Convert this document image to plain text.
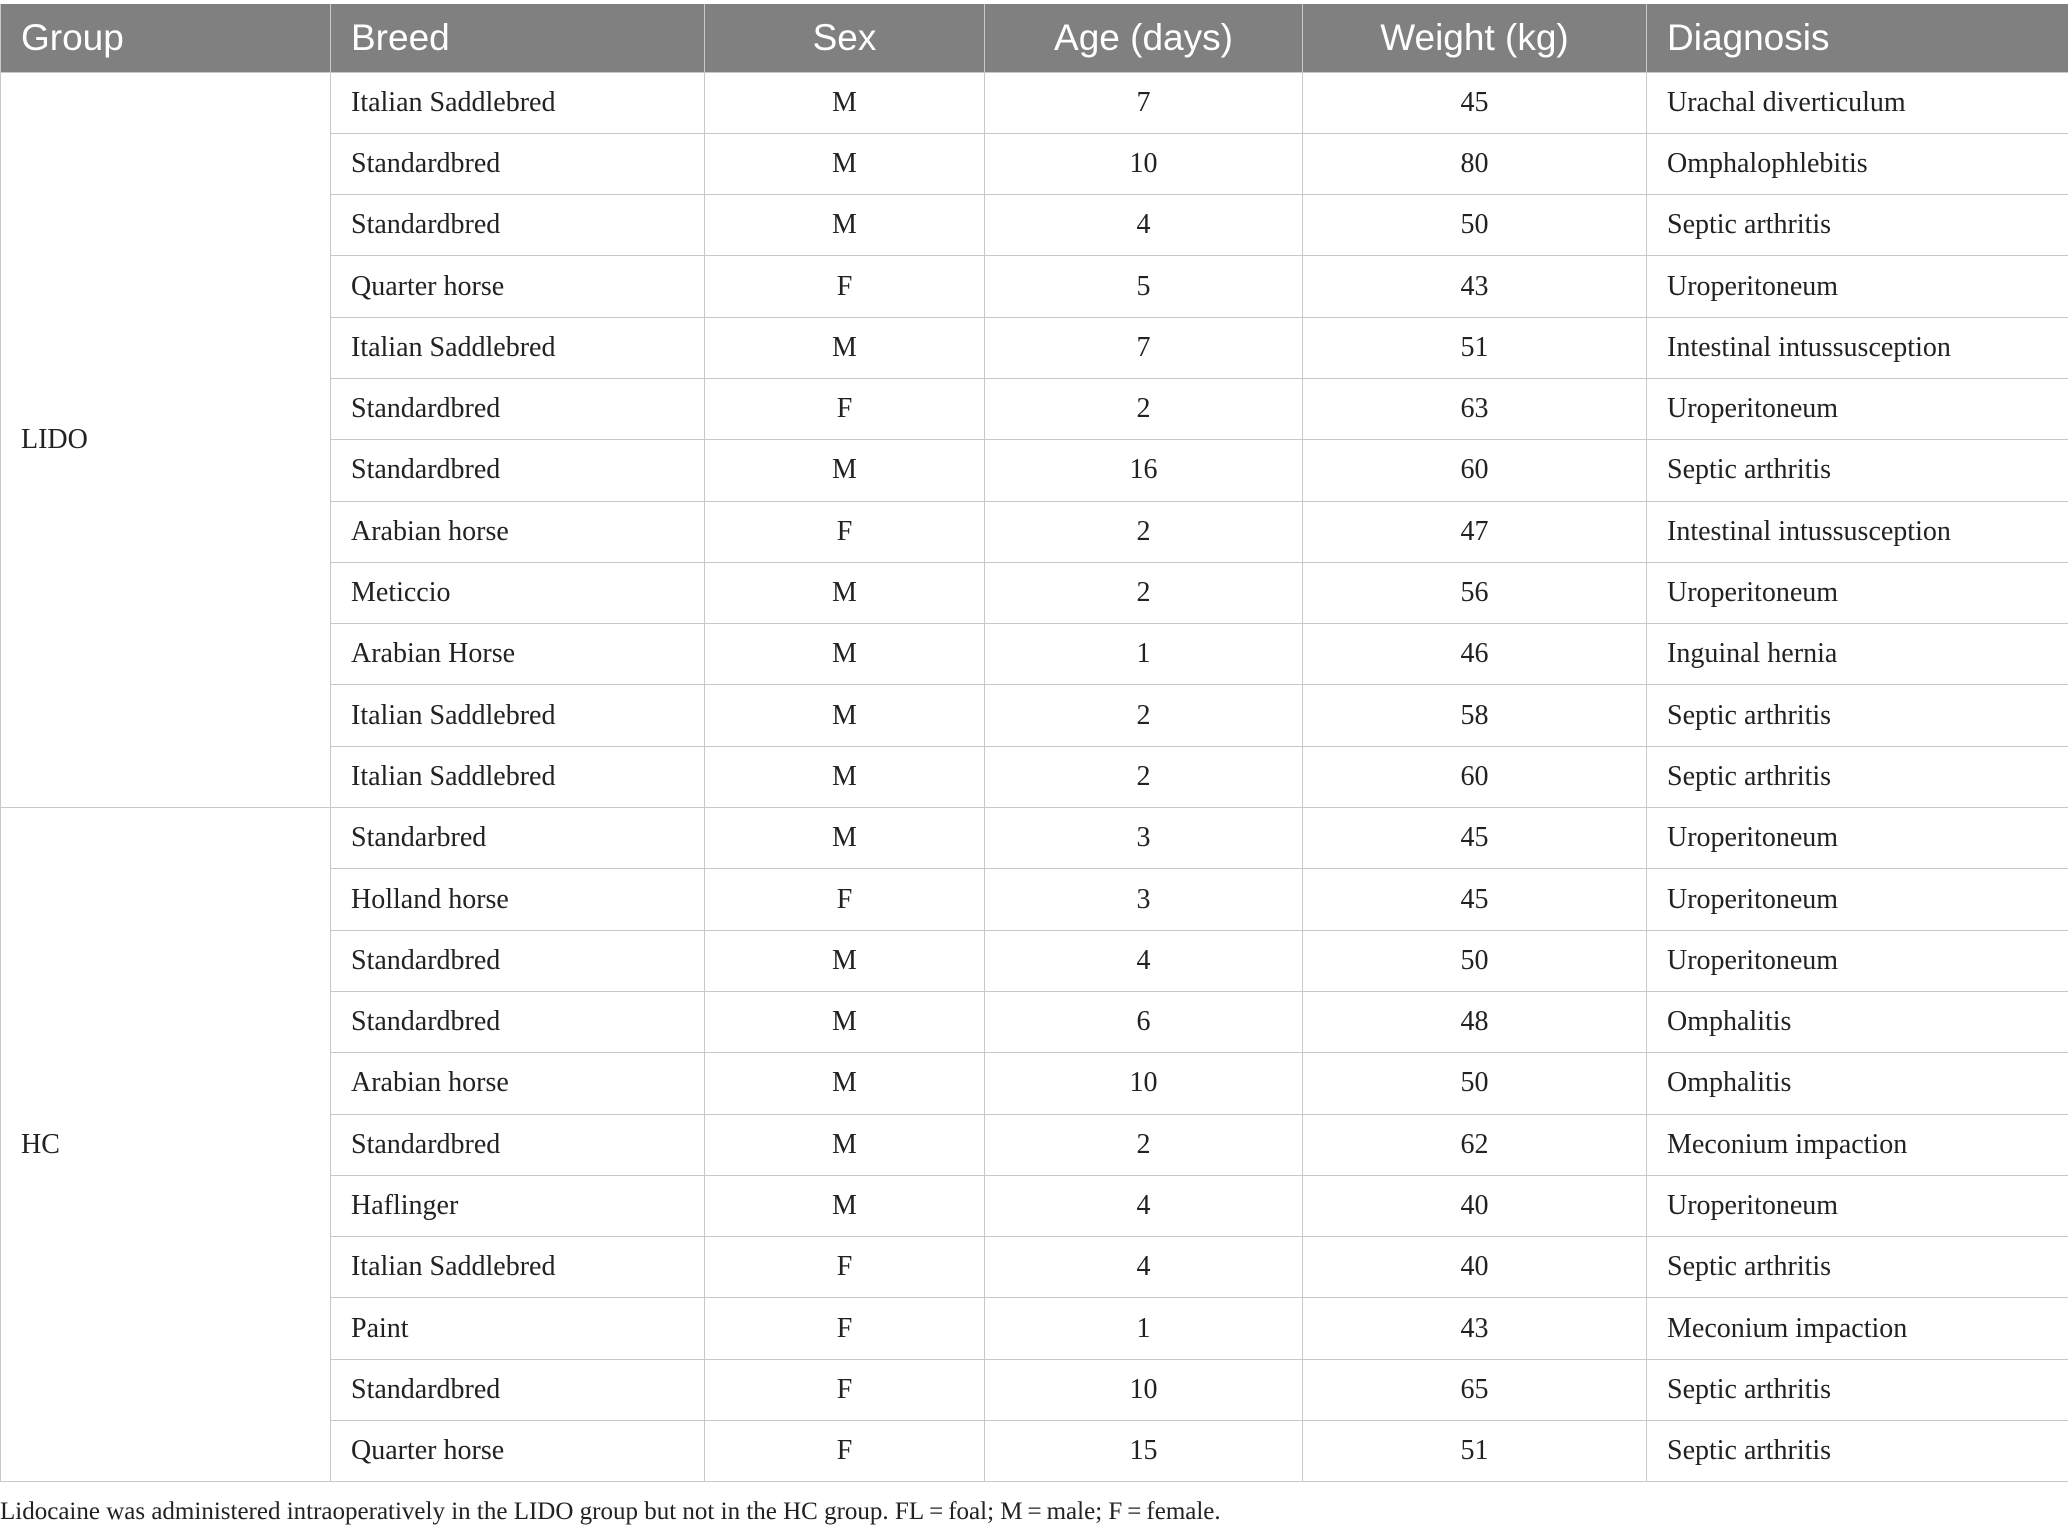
Group	Breed	Sex	Age (days)	Weight (kg)	Diagnosis
LIDO	Italian Saddlebred	M	7	45	Urachal diverticulum
	Standardbred	M	10	80	Omphalophlebitis
	Standardbred	M	4	50	Septic arthritis
	Quarter horse	F	5	43	Uroperitoneum
	Italian Saddlebred	M	7	51	Intestinal intussusception
	Standardbred	F	2	63	Uroperitoneum
	Standardbred	M	16	60	Septic arthritis
	Arabian horse	F	2	47	Intestinal intussusception
	Meticcio	M	2	56	Uroperitoneum
	Arabian Horse	M	1	46	Inguinal hernia
	Italian Saddlebred	M	2	58	Septic arthritis
	Italian Saddlebred	M	2	60	Septic arthritis
HC	Standarbred	M	3	45	Uroperitoneum
	Holland horse	F	3	45	Uroperitoneum
	Standardbred	M	4	50	Uroperitoneum
	Standardbred	M	6	48	Omphalitis
	Arabian horse	M	10	50	Omphalitis
	Standardbred	M	2	62	Meconium impaction
	Haflinger	M	4	40	Uroperitoneum
	Italian Saddlebred	F	4	40	Septic arthritis
	Paint	F	1	43	Meconium impaction
	Standardbred	F	10	65	Septic arthritis
	Quarter horse	F	15	51	Septic arthritis
Lidocaine was administered intraoperatively in the LIDO group but not in the HC group. FL = foal; M = male; F = female.
